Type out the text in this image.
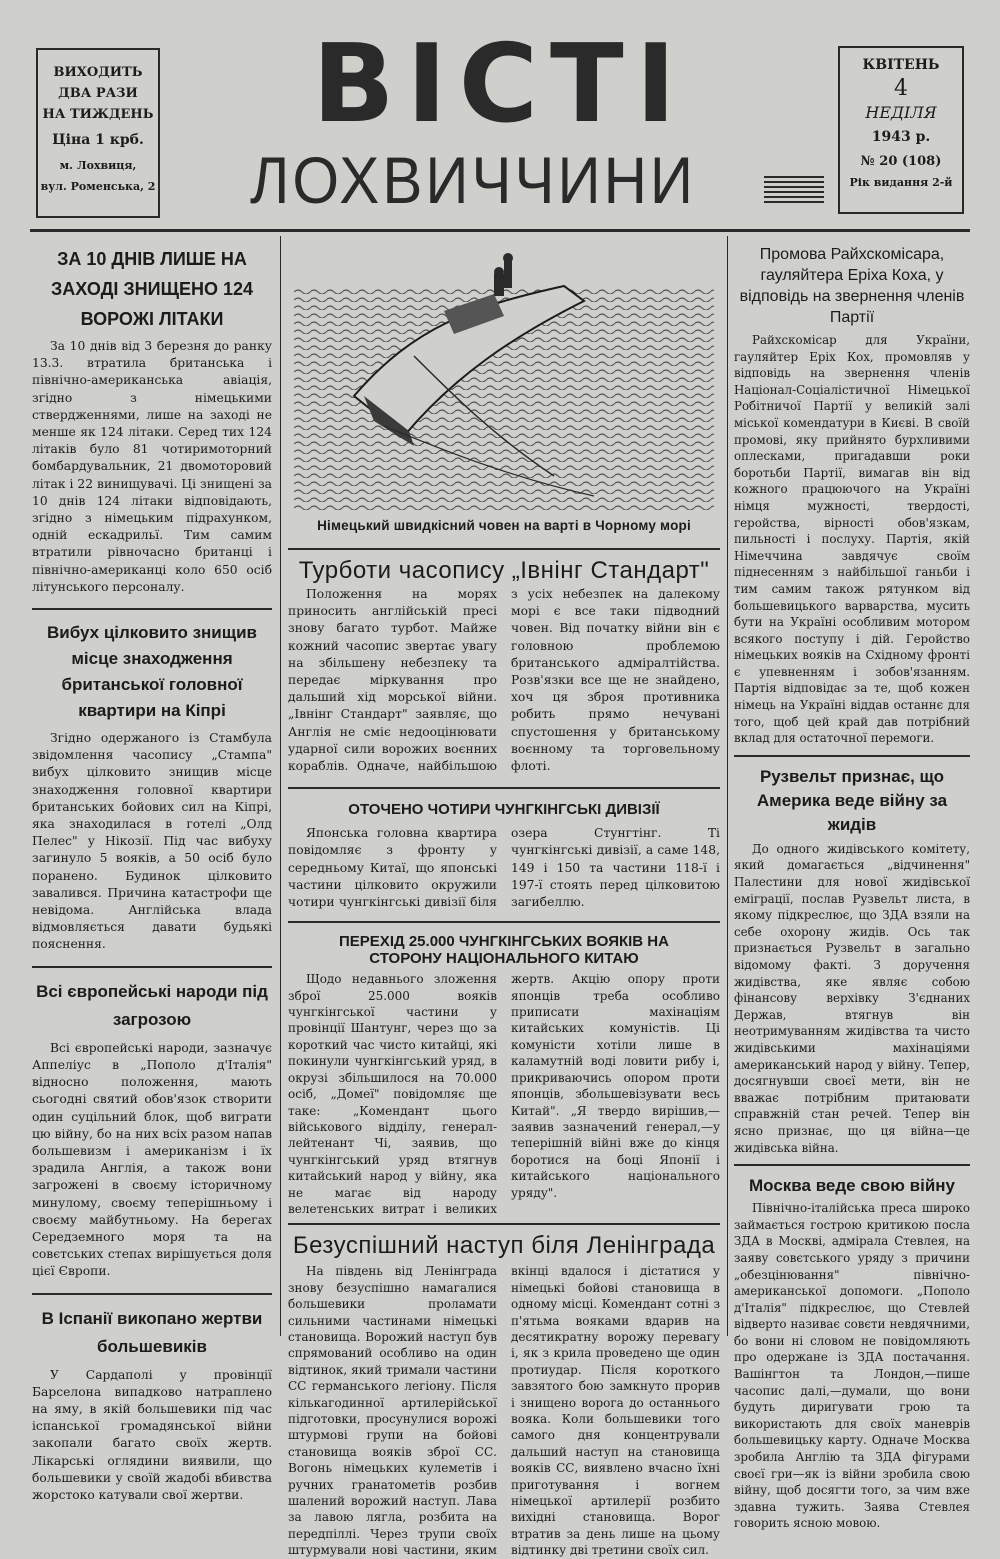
ВИХОДИТЬ
ДВА РАЗИ
НА ТИЖДЕНЬ
Ціна 1 крб.
м. Лохвиця,
вул. Роменська, 2
ВІСТІ
ЛОХВИЧЧИНИ
КВІТЕНЬ
4
НЕДІЛЯ
1943 р.
№ 20 (108)
Рік видання 2-й
ЗА 10 ДНІВ ЛИШЕ НА ЗАХОДІ ЗНИЩЕНО 124 ВОРОЖІ ЛІТАКИ

За 10 днів від 3 березня до ранку 13.3. втратила британська і північно-американська авіація, згідно з німецькими ствердженнями, лише на заході не менше як 124 літаки. Серед тих 124 літаків було 81 чотиримоторний бомбардувальник, 21 двомоторовий літак і 22 винищувачі. Ці знищені за 10 днів 124 літаки відповідають, згідно з німецьким підрахунком, одній ескадрильї. Тим самим втратили рівночасно британці і північно-американці коло 650 осіб літунського персоналу.

Вибух цілковито знищив місце знаходження британської головної квартири на Кіпрі

Згідно одержаного із Стамбула звідомлення часопису „Стампа" вибух цілковито знищив місце знаходження головної квартири британських бойових сил на Кіпрі, яка знаходилася в готелі „Олд Пелес" у Нікозії. Під час вибуху загинуло 5 вояків, а 50 осіб було поранено. Будинок цілковито завалився. Причина катастрофи ще невідома. Англійська влада відмовляється давати будьякі пояснення.

Всі європейські народи під загрозою

Всі європейські народи, зазначує Аппеліус в „Пополо д'Італія" відносно положення, мають сьогодні святий обов'язок створити один суцільний блок, щоб виграти цю війну, бо на них всіх разом напав большевизм і американізм і їх зрадила Англія, а також вони загрожені в своєму історичному минулому, своєму теперішньому і своєму майбутньому. На берегах Середземного моря та на совєтських степах вирішується доля цієї Європи.

В Іспанії викопано жертви большевиків

У Сардаполі у провінції Барселона випадково натраплено на яму, в якій большевики під час іспанської громадянської війни закопали багато своїх жертв. Лікарські оглядини виявили, що большевики у своїй жадобі вбивства жорстоко катували свої жертви.

Німецький швидкісний човен на варті в Чорному морі
Турботи часопису „Івнінг Стандарт"

Положення на морях приносить англійській пресі знову багато турбот. Майже кожний часопис звертає увагу на збільшену небезпеку та передає міркування про дальший хід морської війни. „Івнінг Стандарт" заявляє, що Англія не сміє недооцінювати ударної сили ворожих воєнних кораблів. Одначе, найбільшою з усіх небезпек на далекому морі є все таки підводний човен. Від початку війни він є головною проблемою британського адміралтійства. Розв'язки все ще не знайдено, хоч ця зброя противника робить прямо нечувані спустошення у британському воєнному та торговельному флоті.

ОТОЧЕНО ЧОТИРИ ЧУНГКІНГСЬКІ ДИВІЗІЇ

Японська головна квартира повідомляє з фронту у середньому Китаї, що японські частини цілковито окружили чотири чунгкінгські дивізії біля озера Стунгтінг. Ті чунгкінгські дивізії, а саме 148, 149 і 150 та частини 118-ї і 197-ї стоять перед цілковитою загибеллю.

ПЕРЕХІД 25.000 ЧУНГКІНГСЬКИХ ВОЯКІВ НА СТОРОНУ НАЦІОНАЛЬНОГО КИТАЮ

Щодо недавнього зложення зброї 25.000 вояків чунгкінгської частини у провінції Шантунг, через що за короткий час чисто китайці, які покинули чунгкінгський уряд, в окрузі збільшилося на 70.000 осіб, „Домеї" повідомляє ще таке: „Комендант цього військового відділу, генерал-лейтенант Чі, заявив, що чунгкінгський уряд втягнув китайський народ у війну, яка не магає від народу велетенських витрат і великих жертв. Акцію опору проти японців треба особливо приписати махінаціям китайських комуністів. Ці комуністи хотіли лише в каламутній воді ловити рибу і, прикриваючись опором проти японців, збольшевізувати весь Китай". „Я твердо вирішив,—заявив зазначений генерал,—у теперішній війні вже до кінця боротися на боці Японії і китайського національного уряду".

Безуспішний наступ біля Ленінграда

На південь від Ленінграда знову безуспішно намагалися большевики проламати сильними частинами німецькі становища. Ворожий наступ був спрямований особливо на один відтинок, який тримали частини СС германського легіону. Після кількагодинної артилерійської підготовки, просунулися ворожі штурмові групи на бойові становища вояків зброї СС. Вогонь німецьких кулеметів і ручних гранатометів розбив шалений ворожий наступ. Лава за лавою лягла, розбита на передпіллі. Через трупи своїх штурмували нові частини, яким вкінці вдалося і дістатися у німецькі бойові становища в одному місці. Комендант сотні з п'ятьма вояками вдарив на десятикратну ворожу перевагу і, як з крила проведено ще один протиудар. Після короткого завзятого бою замкнуто прорив і знищено ворога до останнього вояка. Коли большевики того самого дня концентрували дальший наступ на становища вояків СС, виявлено вчасно їхні приготування і вогнем німецької артилерії розбито вихідні становища. Ворог втратив за день лише на цьому відтинку дві третини своїх сил.

Промова Райхскомісара, гауляйтера Еріха Коха, у відповідь на звернення членів Партії

Райхскомісар для України, гауляйтер Еріх Кох, промовляв у відповідь на звернення членів Націонал-Соціалістичної Німецької Робітничої Партії у великій залі міської комендатури в Києві. В своїй промові, яку прийнято бурхливими оплесками, пригадавши роки боротьби Партії, вимагав він від кожного працюючого на Україні німця мужності, твердості, геройства, вірності обов'язкам, пильності і послуху. Партія, якій Німеччина завдячує своїм піднесенням з найбільшої ганьби і тим самим також рятунком від большевицького варварства, мусить бути на Україні особливим мотором всякого поступу і дій. Геройство німецьких вояків на Східному фронті є упевненням і зобов'язанням. Партія відповідає за те, щоб кожен німець на Україні віддав останнє для того, щоб цей край дав потрібний вклад для остаточної перемоги.

Рузвельт признає, що Америка веде війну за жидів

До одного жидівського комітету, який домагається „відчинення" Палестини для нової жидівської еміграції, послав Рузвельт листа, в якому підкреслює, що ЗДА взяли на себе охорону жидів. Ось так признається Рузвельт в загально відомому факті. З доручення жидівства, яке являє собою фінансову верхівку З'єднаних Держав, втягнув він неотримуванням жидівства та чисто жидівськими махінаціями американський народ у війну. Тепер, досягнувши своєї мети, він не вважає потрібним притаювати справжній стан речей. Тепер він ясно признає, що ця війна—це жидівська війна.

Москва веде свою війну

Північно-італійська преса широко займається гострою критикою посла ЗДА в Москві, адмірала Стевлея, на заяву совєтського уряду з причини „обезцінювання" північно-американської допомоги. „Пополо д'Італія" підкреслює, що Стевлей відверто називає совєти невдячними, бо вони ні словом не повідомляють про одержане із ЗДА постачання. Вашінгтон та Лондон,—пише часопис далі,—думали, що вони будуть диригувати грою та використають для своїх маневрів большевицьку карту. Одначе Москва зробила Англію та ЗДА фігурами своєї гри—як із війни зробила свою війну, щоб досягти того, за чим вже здавна тужить. Заява Стевлея говорить ясною мовою.
